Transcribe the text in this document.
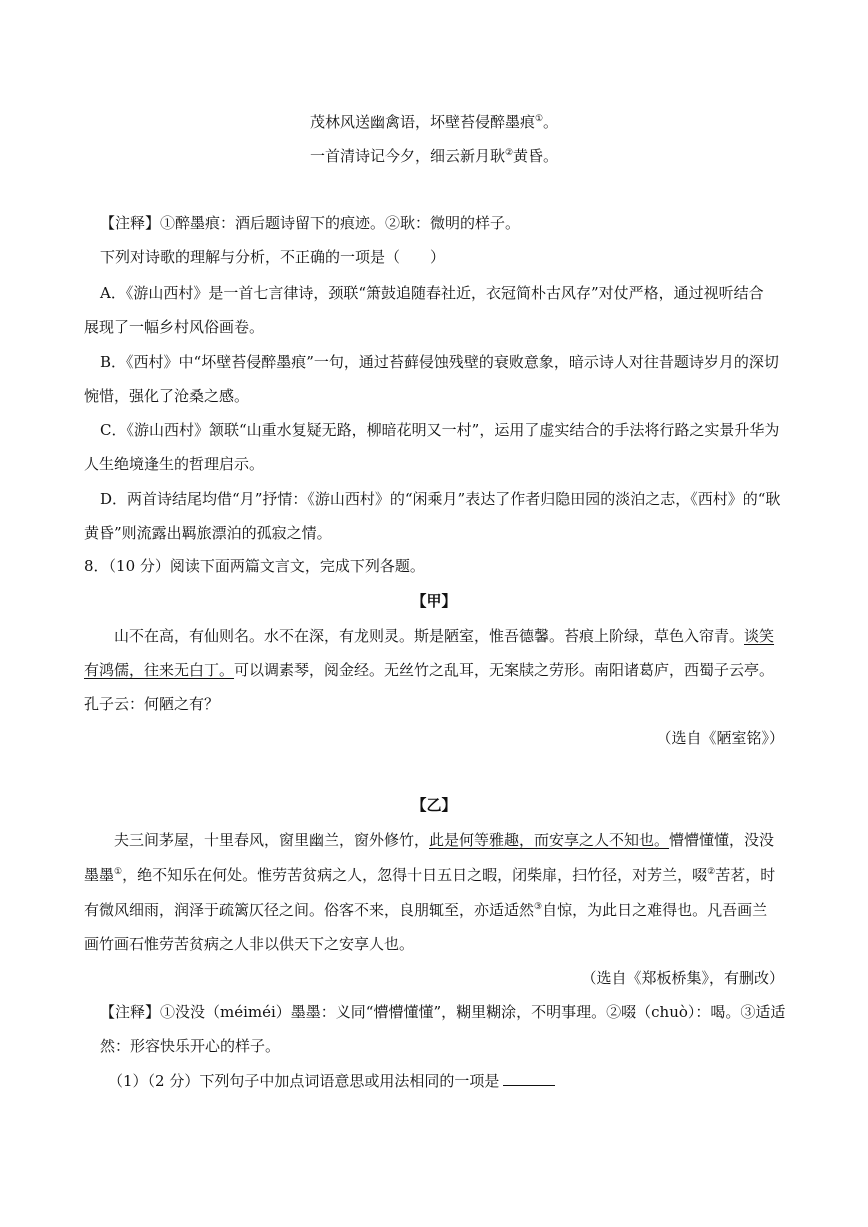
茂林风送幽禽语，坏壁苔侵醉墨痕①。
一首清诗记今夕，细云新月耿②黄昏。
【注释】①醉墨痕：酒后题诗留下的痕迹。②耿：微明的样子。
下列对诗歌的理解与分析，不正确的一项是（　　）
A．《游山西村》是一首七言律诗，颈联“箫鼓追随春社近，衣冠简朴古风存”对仗严格，通过视听结合
展现了一幅乡村风俗画卷。
B．《西村》中“坏壁苔侵醉墨痕”一句，通过苔藓侵蚀残壁的衰败意象，暗示诗人对往昔题诗岁月的深切
惋惜，强化了沧桑之感。
C．《游山西村》颔联“山重水复疑无路，柳暗花明又一村”，运用了虚实结合的手法将行路之实景升华为
人生绝境逢生的哲理启示。
D．两首诗结尾均借“月”抒情：《游山西村》的“闲乘月”表达了作者归隐田园的淡泊之志，《西村》的“耿
黄昏”则流露出羁旅漂泊的孤寂之情。
8．（10 分）阅读下面两篇文言文，完成下列各题。
【甲】
山不在高，有仙则名。水不在深，有龙则灵。斯是陋室，惟吾德馨。苔痕上阶绿，草色入帘青。谈笑
有鸿儒，往来无白丁。可以调素琴，阅金经。无丝竹之乱耳，无案牍之劳形。南阳诸葛庐，西蜀子云亭。
孔子云：何陋之有？
（选自《陋室铭》）
【乙】
夫三间茅屋，十里春风，窗里幽兰，窗外修竹，此是何等雅趣，而安享之人不知也。懵懵懂懂，没没
墨墨①，绝不知乐在何处。惟劳苦贫病之人，忽得十日五日之暇，闭柴扉，扫竹径，对芳兰，啜②苦茗，时
有微风细雨，润泽于疏篱仄径之间。俗客不来，良朋辄至，亦适适然③自惊，为此日之难得也。凡吾画兰
画竹画石惟劳苦贫病之人非以供天下之安享人也。
（选自《郑板桥集》，有删改）
【注释】①没没（méiméi）墨墨：义同“懵懵懂懂”，糊里糊涂，不明事理。②啜（chuò）：喝。③适适
然：形容快乐开心的样子。
（1）（2 分）下列句子中加点词语意思或用法相同的一项是
